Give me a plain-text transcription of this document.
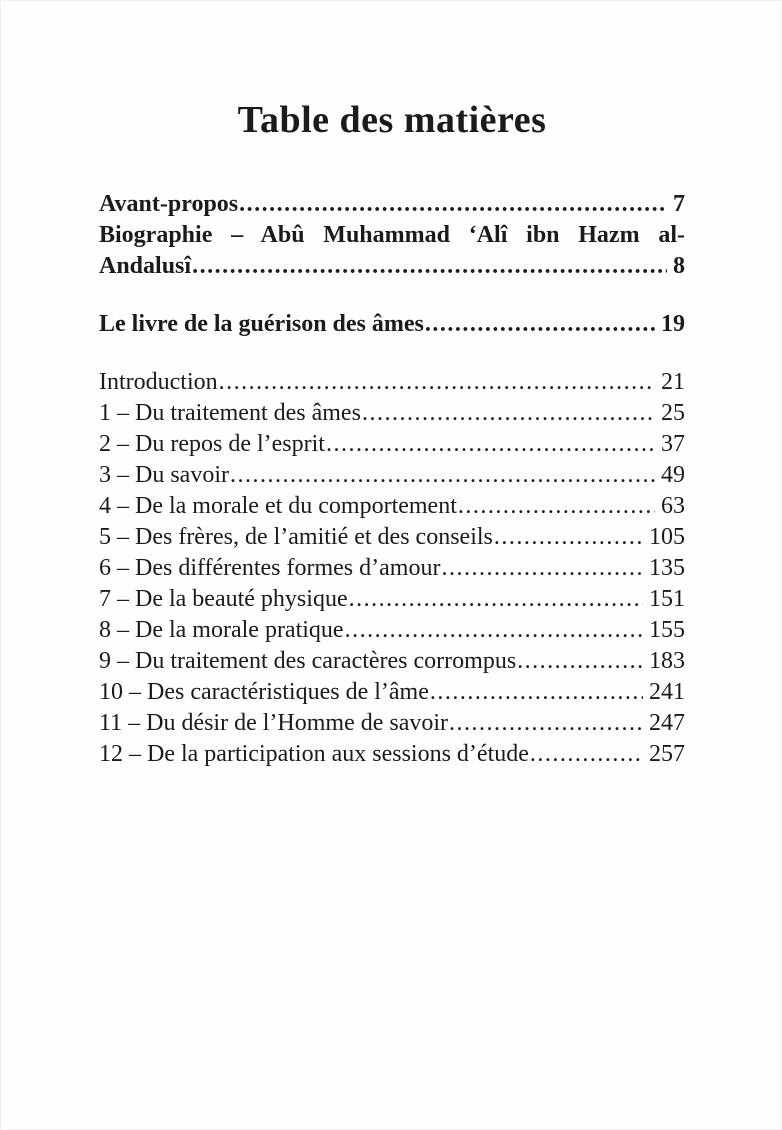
Table des matières
Avant-propos .....	7
Biographie – Abû Muhammad ‘Alî ibn Hazm al-
Andalusî .....	8
Le livre de la guérison des âmes .....	19
Introduction .....	21
1 – Du traitement des âmes .....	25
2 – Du repos de l’esprit .....	37
3 – Du savoir .....	49
4 – De la morale et du comportement .....	63
5 – Des frères, de l’amitié et des conseils .....	105
6 – Des différentes formes d’amour .....	135
7 – De la beauté physique .....	151
8 – De la morale pratique .....	155
9 – Du traitement des caractères corrompus .....	183
10 – Des caractéristiques de l’âme .....	241
11 – Du désir de l’Homme de savoir .....	247
12 – De la participation aux sessions d’étude .....	257
